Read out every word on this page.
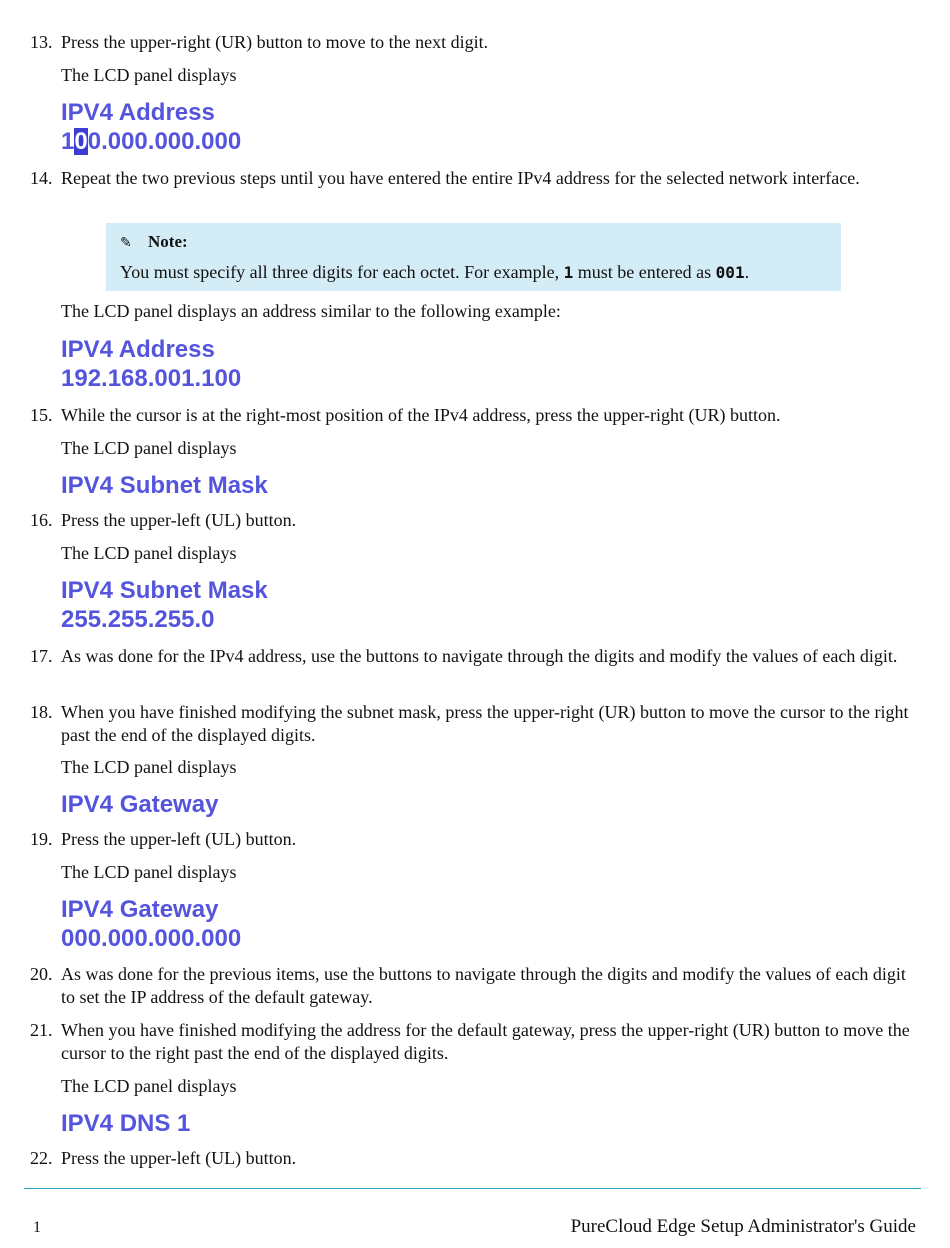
13. Press the upper-right (UR) button to move to the next digit.
The LCD panel displays
IPV4 Address
100.000.000.000
14. Repeat the two previous steps until you have entered the entire IPv4 address for the selected network interface.
✎ Note:
You must specify all three digits for each octet. For example, 1 must be entered as 001.
The LCD panel displays an address similar to the following example:
IPV4 Address
192.168.001.100
15. While the cursor is at the right-most position of the IPv4 address, press the upper-right (UR) button.
The LCD panel displays
IPV4 Subnet Mask
16. Press the upper-left (UL) button.
The LCD panel displays
IPV4 Subnet Mask
255.255.255.0
17. As was done for the IPv4 address, use the buttons to navigate through the digits and modify the values of each digit.
18. When you have finished modifying the subnet mask, press the upper-right (UR) button to move the cursor to the right past the end of the displayed digits.
The LCD panel displays
IPV4 Gateway
19. Press the upper-left (UL) button.
The LCD panel displays
IPV4 Gateway
000.000.000.000
20. As was done for the previous items, use the buttons to navigate through the digits and modify the values of each digit to set the IP address of the default gateway.
21. When you have finished modifying the address for the default gateway, press the upper-right (UR) button to move the cursor to the right past the end of the displayed digits.
The LCD panel displays
IPV4 DNS 1
22. Press the upper-left (UL) button.
1	PureCloud Edge Setup Administrator's Guide
